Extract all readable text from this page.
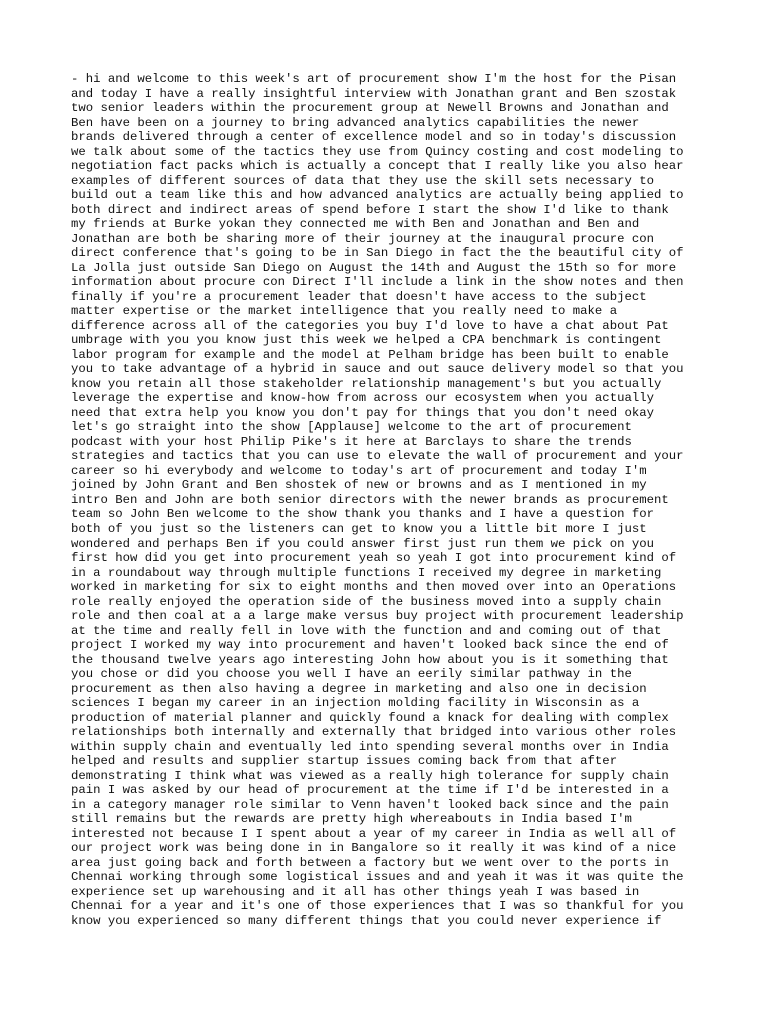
- hi and welcome to this week's art of procurement show I'm the host for the Pisan
and today I have a really insightful interview with Jonathan grant and Ben szostak
two senior leaders within the procurement group at Newell Browns and Jonathan and
Ben have been on a journey to bring advanced analytics capabilities the newer
brands delivered through a center of excellence model and so in today's discussion
we talk about some of the tactics they use from Quincy costing and cost modeling to
negotiation fact packs which is actually a concept that I really like you also hear
examples of different sources of data that they use the skill sets necessary to
build out a team like this and how advanced analytics are actually being applied to
both direct and indirect areas of spend before I start the show I'd like to thank
my friends at Burke yokan they connected me with Ben and Jonathan and Ben and
Jonathan are both be sharing more of their journey at the inaugural procure con
direct conference that's going to be in San Diego in fact the the beautiful city of
La Jolla just outside San Diego on August the 14th and August the 15th so for more
information about procure con Direct I'll include a link in the show notes and then
finally if you're a procurement leader that doesn't have access to the subject
matter expertise or the market intelligence that you really need to make a
difference across all of the categories you buy I'd love to have a chat about Pat
umbrage with you you know just this week we helped a CPA benchmark is contingent
labor program for example and the model at Pelham bridge has been built to enable
you to take advantage of a hybrid in sauce and out sauce delivery model so that you
know you retain all those stakeholder relationship management's but you actually
leverage the expertise and know-how from across our ecosystem when you actually
need that extra help you know you don't pay for things that you don't need okay
let's go straight into the show [Applause] welcome to the art of procurement
podcast with your host Philip Pike's it here at Barclays to share the trends
strategies and tactics that you can use to elevate the wall of procurement and your
career so hi everybody and welcome to today's art of procurement and today I'm
joined by John Grant and Ben shostek of new or browns and as I mentioned in my
intro Ben and John are both senior directors with the newer brands as procurement
team so John Ben welcome to the show thank you thanks and I have a question for
both of you just so the listeners can get to know you a little bit more I just
wondered and perhaps Ben if you could answer first just run them we pick on you
first how did you get into procurement yeah so yeah I got into procurement kind of
in a roundabout way through multiple functions I received my degree in marketing
worked in marketing for six to eight months and then moved over into an Operations
role really enjoyed the operation side of the business moved into a supply chain
role and then coal at a a large make versus buy project with procurement leadership
at the time and really fell in love with the function and and coming out of that
project I worked my way into procurement and haven't looked back since the end of
the thousand twelve years ago interesting John how about you is it something that
you chose or did you choose you well I have an eerily similar pathway in the
procurement as then also having a degree in marketing and also one in decision
sciences I began my career in an injection molding facility in Wisconsin as a
production of material planner and quickly found a knack for dealing with complex
relationships both internally and externally that bridged into various other roles
within supply chain and eventually led into spending several months over in India
helped and results and supplier startup issues coming back from that after
demonstrating I think what was viewed as a really high tolerance for supply chain
pain I was asked by our head of procurement at the time if I'd be interested in a
in a category manager role similar to Venn haven't looked back since and the pain
still remains but the rewards are pretty high whereabouts in India based I'm
interested not because I I spent about a year of my career in India as well all of
our project work was being done in in Bangalore so it really it was kind of a nice
area just going back and forth between a factory but we went over to the ports in
Chennai working through some logistical issues and and yeah it was it was quite the
experience set up warehousing and it all has other things yeah I was based in
Chennai for a year and it's one of those experiences that I was so thankful for you
know you experienced so many different things that you could never experience if
